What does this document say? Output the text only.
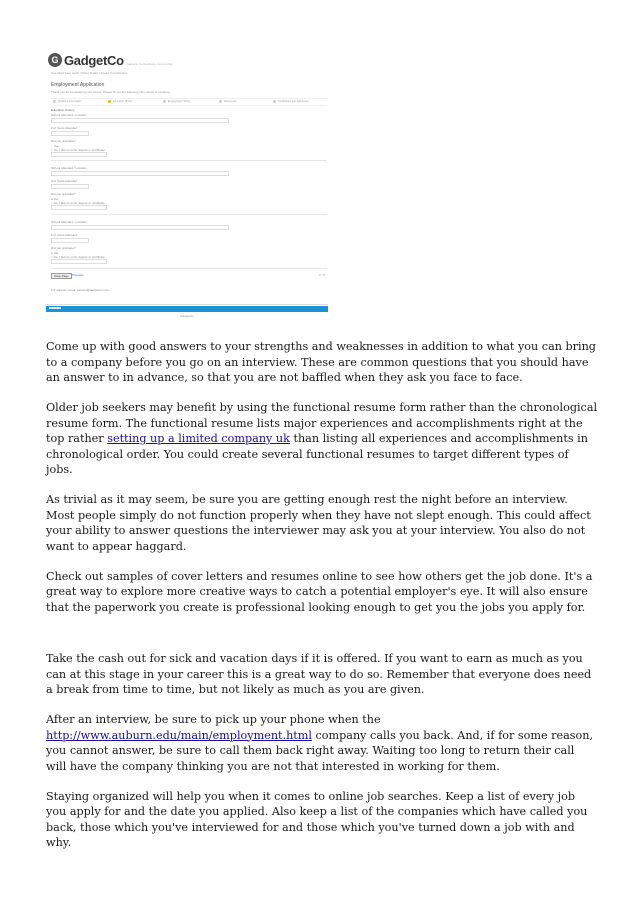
G GadgetCo Careers. Connections. Community.
Get Hired Fast, Apply Online Today. Upload Your Resume.
Employment Application
Thank you for considering your career. Please fill out the following information to continue.
Applicant Information	Education History	Employment History	References	Certification and Agreement
Education History
School Attended / Location
# of Years Attended
Did you graduate?
○ Yes
○ No, I plan to enter degree or certificate
School Attended / Location
# of Years Attended
Did you graduate?
● Yes
○ No, I plan to enter degree or certificate
School Attended / Location
# of Years Attended
Did you graduate?
● Yes
○ No, I plan to enter degree or certificate
Save Page	Previous	2 / 5
For support, email: careers@gadgetco.com
GadgetCo

Come up with good answers to your strengths and weaknesses in addition to what you can bring to a company before you go on an interview. These are common questions that you should have an answer to in advance, so that you are not baffled when they ask you face to face.

Older job seekers may benefit by using the functional resume form rather than the chronological resume form. The functional resume lists major experiences and accomplishments right at the top rather setting up a limited company uk than listing all experiences and accomplishments in chronological order. You could create several functional resumes to target different types of jobs.

As trivial as it may seem, be sure you are getting enough rest the night before an interview. Most people simply do not function properly when they have not slept enough. This could affect your ability to answer questions the interviewer may ask you at your interview. You also do not want to appear haggard.

Check out samples of cover letters and resumes online to see how others get the job done. It's a great way to explore more creative ways to catch a potential employer's eye. It will also ensure that the paperwork you create is professional looking enough to get you the jobs you apply for.

Take the cash out for sick and vacation days if it is offered. If you want to earn as much as you can at this stage in your career this is a great way to do so. Remember that everyone does need a break from time to time, but not likely as much as you are given.

After an interview, be sure to pick up your phone when the http://www.auburn.edu/main/employment.html company calls you back. And, if for some reason, you cannot answer, be sure to call them back right away. Waiting too long to return their call will have the company thinking you are not that interested in working for them.

Staying organized will help you when it comes to online job searches. Keep a list of every job you apply for and the date you applied. Also keep a list of the companies which have called you back, those which you've interviewed for and those which you've turned down a job with and why.
